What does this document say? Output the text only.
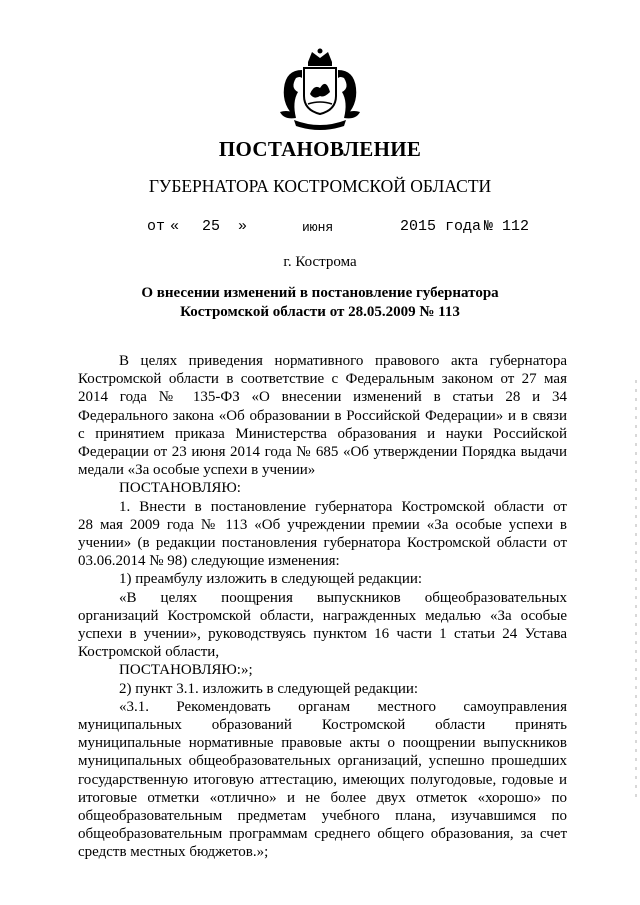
ПОСТАНОВЛЕНИЕ
ГУБЕРНАТОРА КОСТРОМСКОЙ ОБЛАСТИ
от « 25 »	июня	2015 года № 112
г. Кострома
О внесении изменений в постановление губернатора
Костромской области от 28.05.2009 № 113
В целях приведения нормативного правового акта губернатора
Костромской области в соответствие с Федеральным законом от 27 мая
2014 года № 135-ФЗ «О внесении изменений в статьи 28 и 34
Федерального закона «Об образовании в Российской Федерации» и в связи
с принятием приказа Министерства образования и науки Российской
Федерации от 23 июня 2014 года № 685 «Об утверждении Порядка выдачи
медали «За особые успехи в учении»
ПОСТАНОВЛЯЮ:
1. Внести в постановление губернатора Костромской области от
28 мая 2009 года № 113 «Об учреждении премии «За особые успехи в
учении» (в редакции постановления губернатора Костромской области от
03.06.2014 № 98) следующие изменения:
1) преамбулу изложить в следующей редакции:
«В целях поощрения выпускников общеобразовательных
организаций Костромской области, награжденных медалью «За особые
успехи в учении», руководствуясь пунктом 16 части 1 статьи 24 Устава
Костромской области,
ПОСТАНОВЛЯЮ:»;
2) пункт 3.1. изложить в следующей редакции:
«3.1. Рекомендовать органам местного самоуправления
муниципальных образований Костромской области принять
муниципальные нормативные правовые акты о поощрении выпускников
муниципальных общеобразовательных организаций, успешно прошедших
государственную итоговую аттестацию, имеющих полугодовые, годовые и
итоговые отметки «отлично» и не более двух отметок «хорошо» по
общеобразовательным предметам учебного плана, изучавшимся по
общеобразовательным программам среднего общего образования, за счет
средств местных бюджетов.»;
